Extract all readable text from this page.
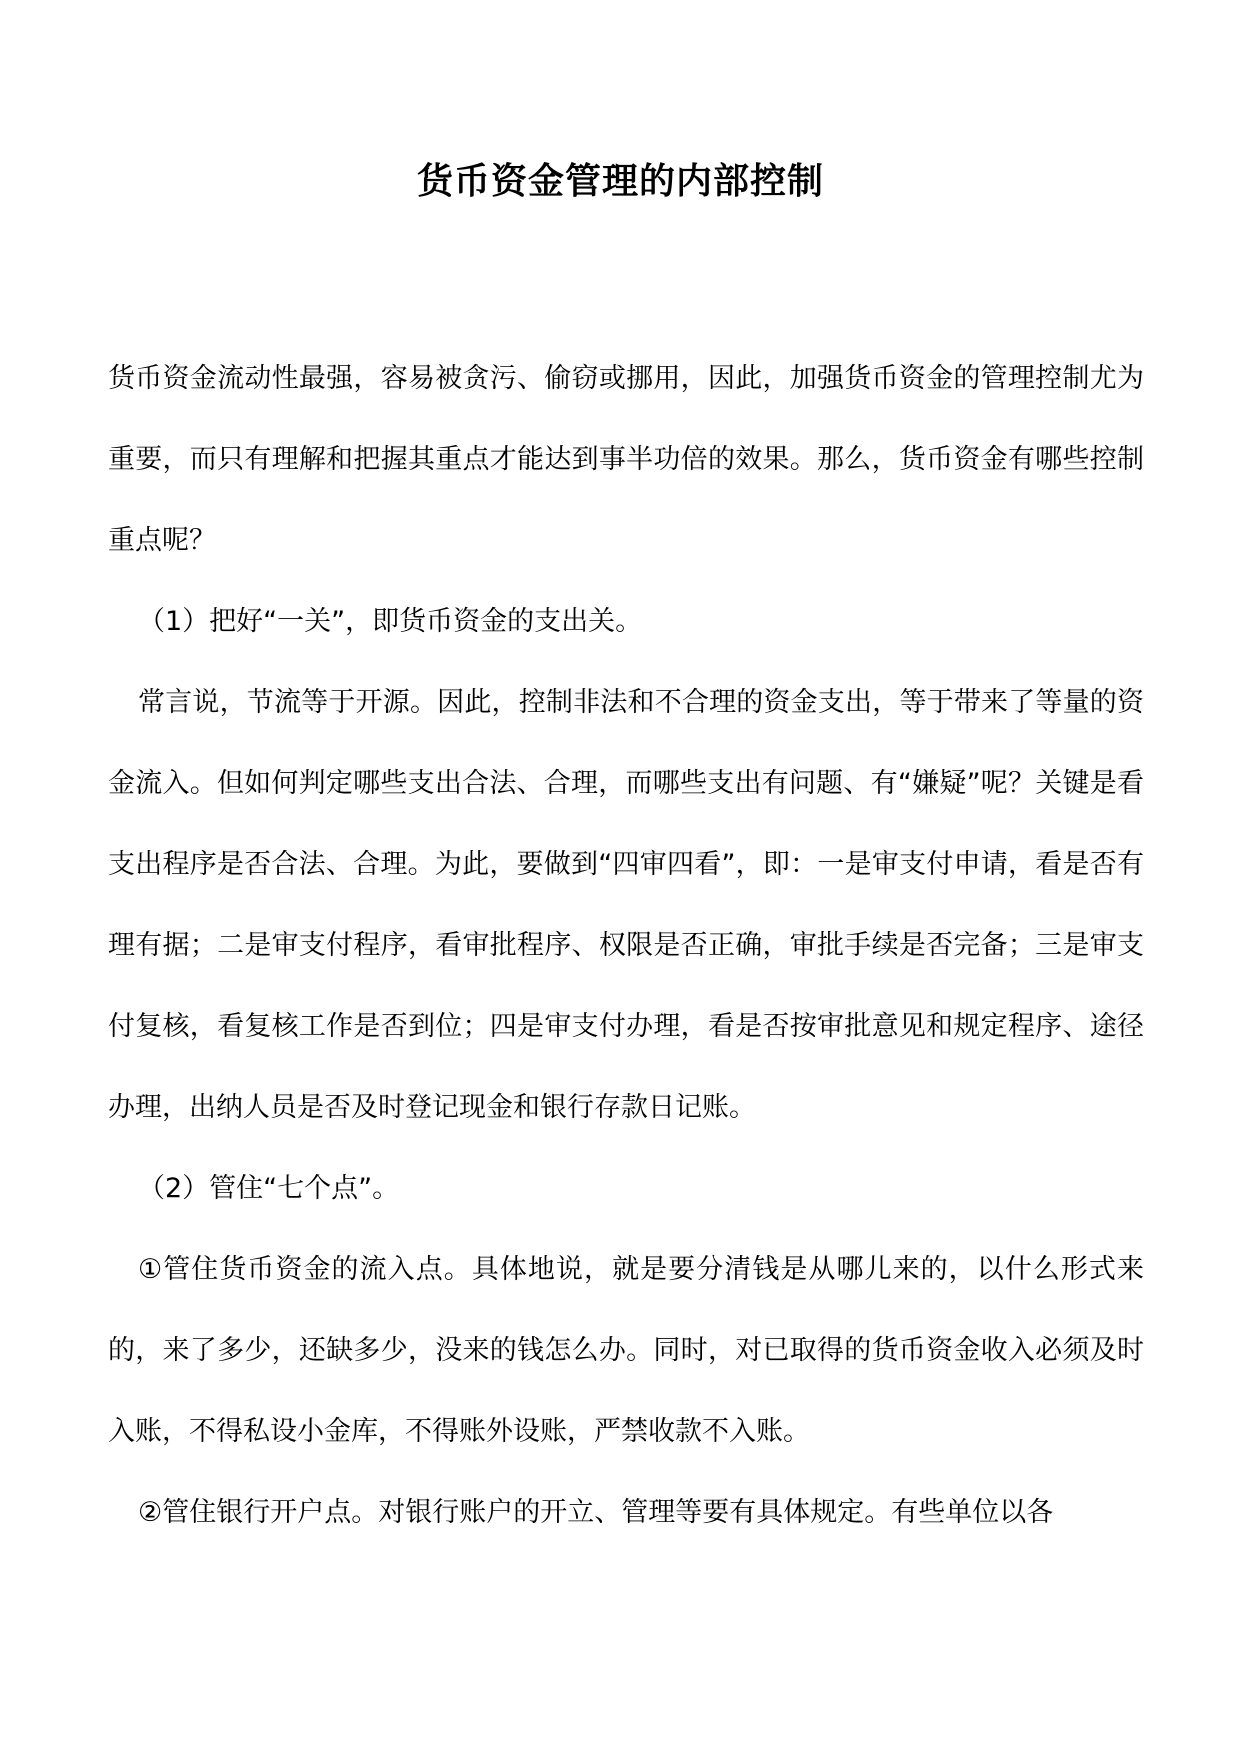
货币资金管理的内部控制

货币资金流动性最强，容易被贪污、偷窃或挪用，因此，加强货币资金的管理控制尤为重要，而只有理解和把握其重点才能达到事半功倍的效果。那么，货币资金有哪些控制重点呢？

（1）把好“一关”，即货币资金的支出关。

常言说，节流等于开源。因此，控制非法和不合理的资金支出，等于带来了等量的资金流入。但如何判定哪些支出合法、合理，而哪些支出有问题、有“嫌疑”呢？关键是看支出程序是否合法、合理。为此，要做到“四审四看”，即：一是审支付申请，看是否有理有据；二是审支付程序，看审批程序、权限是否正确，审批手续是否完备；三是审支付复核，看复核工作是否到位；四是审支付办理，看是否按审批意见和规定程序、途径办理，出纳人员是否及时登记现金和银行存款日记账。

（2）管住“七个点”。

①管住货币资金的流入点。具体地说，就是要分清钱是从哪儿来的，以什么形式来的，来了多少，还缺多少，没来的钱怎么办。同时，对已取得的货币资金收入必须及时入账，不得私设小金库，不得账外设账，严禁收款不入账。

②管住银行开户点。对银行账户的开立、管理等要有具体规定。有些单位以各
